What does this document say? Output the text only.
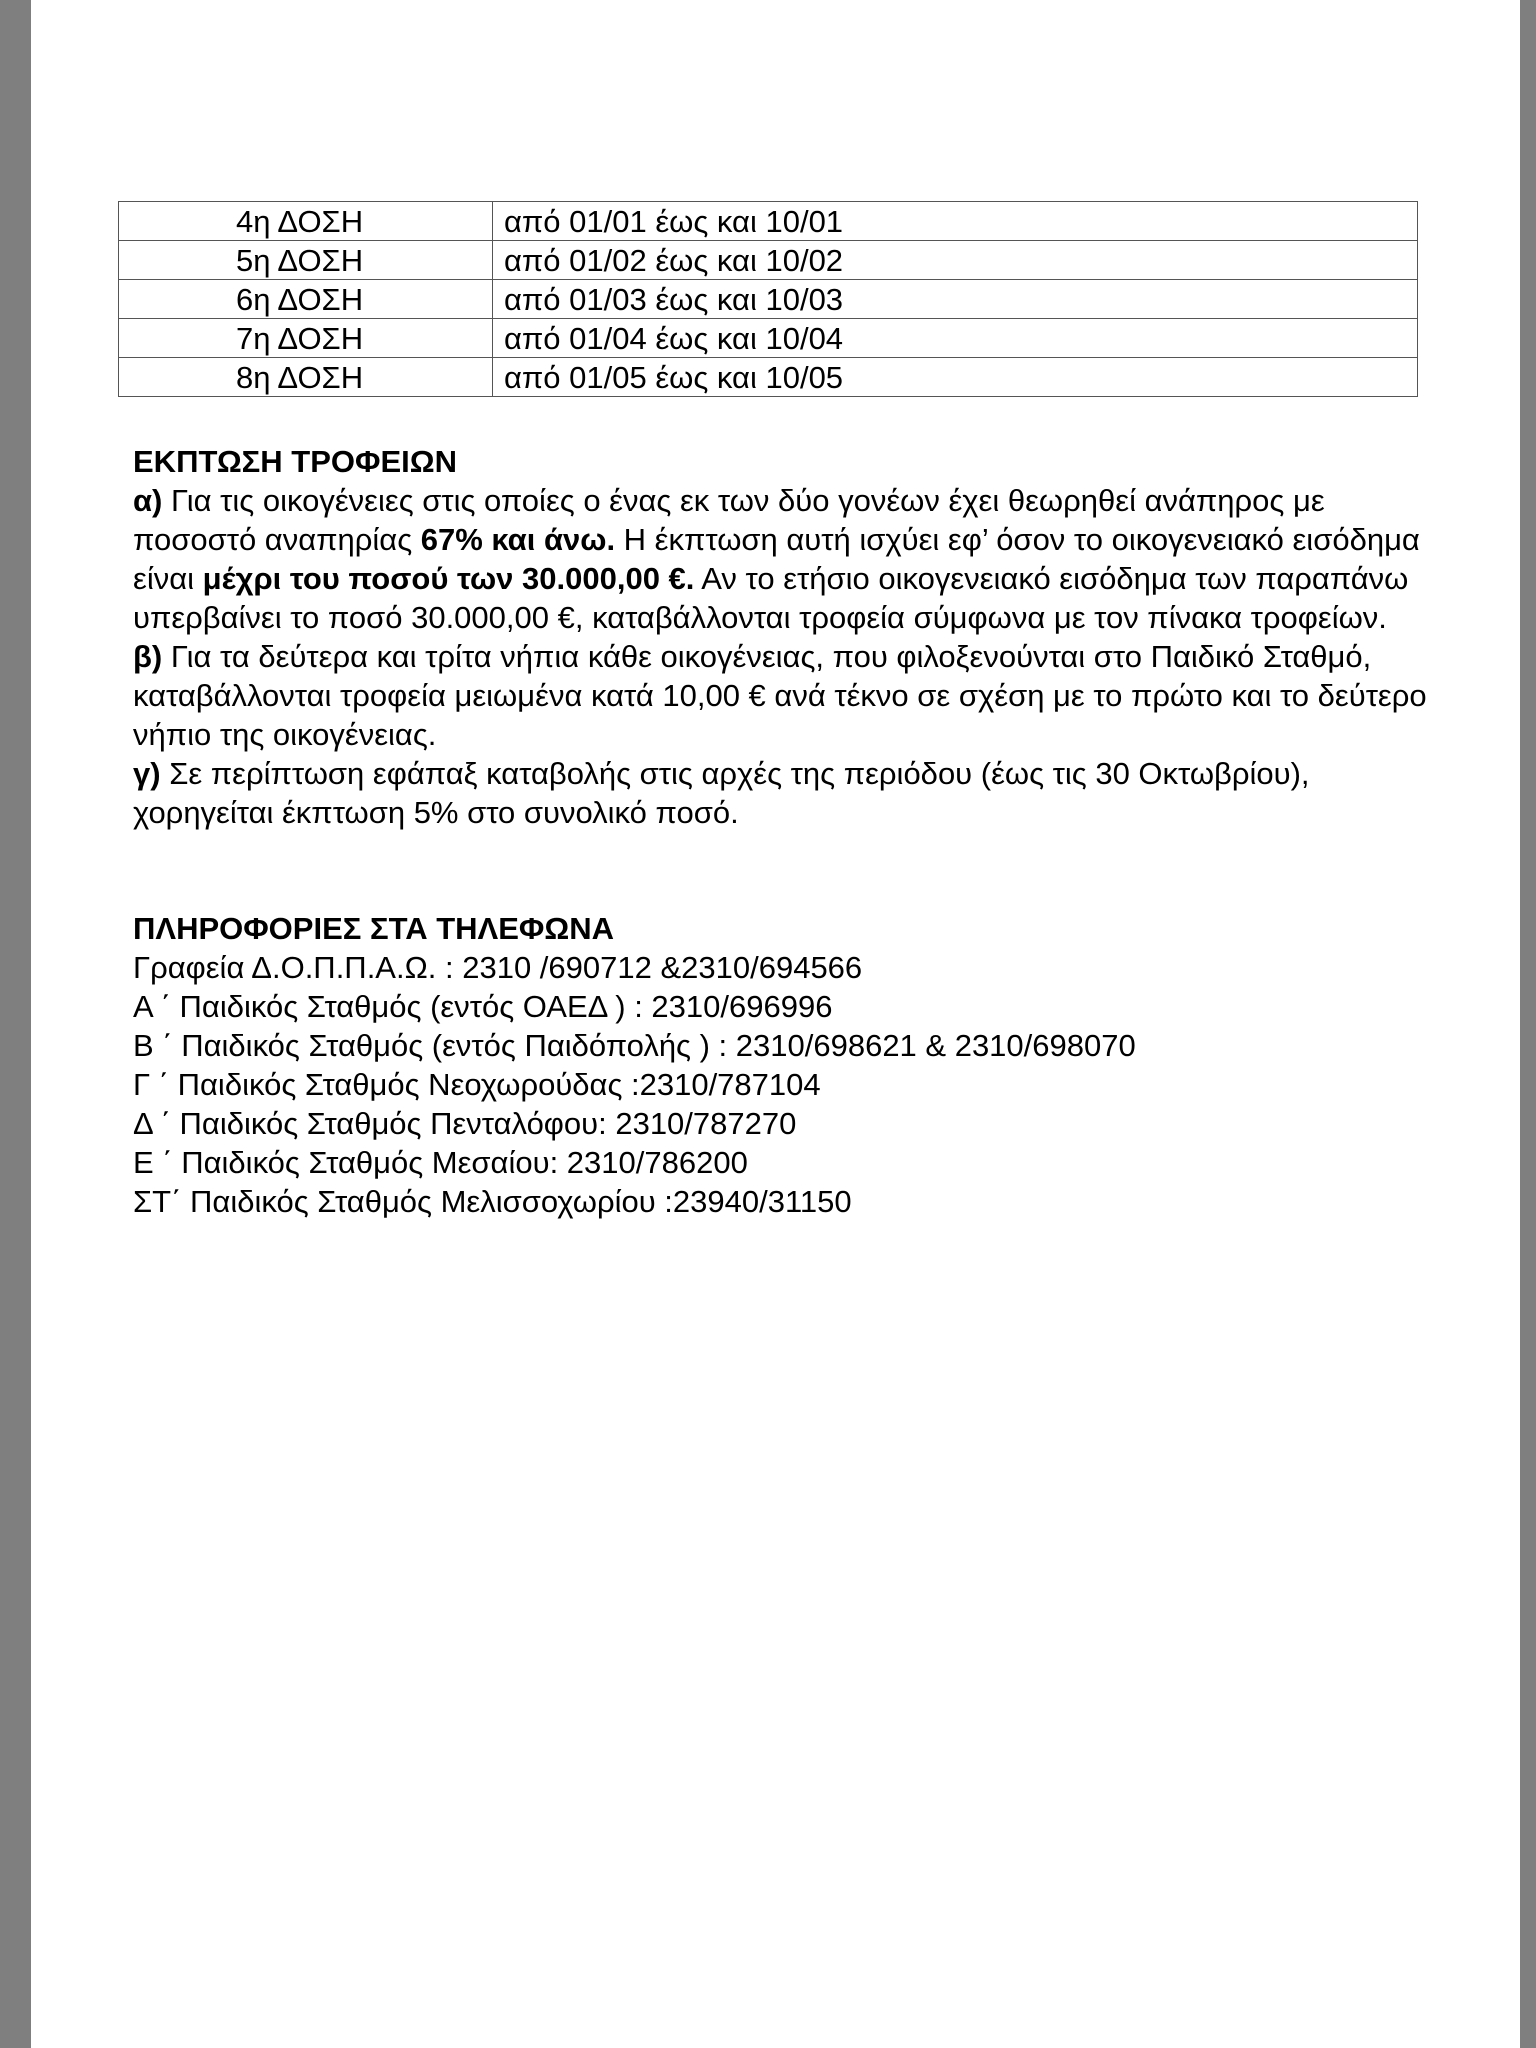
4η ΔΟΣΗ	από 01/01 έως και 10/01
5η ΔΟΣΗ	από 01/02 έως και 10/02
6η ΔΟΣΗ	από 01/03 έως και 10/03
7η ΔΟΣΗ	από 01/04 έως και 10/04
8η ΔΟΣΗ	από 01/05 έως και 10/05

ΕΚΠΤΩΣΗ ΤΡΟΦΕΙΩΝ

α) Για τις οικογένειες στις οποίες ο ένας εκ των δύο γονέων έχει θεωρηθεί ανάπηρος με ποσοστό αναπηρίας 67% και άνω. Η έκπτωση αυτή ισχύει εφ’ όσον το οικογενειακό εισόδημα είναι μέχρι του ποσού των 30.000,00 €. Αν το ετήσιο οικογενειακό εισόδημα των παραπάνω υπερβαίνει το ποσό 30.000,00 €, καταβάλλονται τροφεία σύμφωνα με τον πίνακα τροφείων.

β) Για τα δεύτερα και τρίτα νήπια κάθε οικογένειας, που φιλοξενούνται στο Παιδικό Σταθμό, καταβάλλονται τροφεία μειωμένα κατά 10,00 € ανά τέκνο σε σχέση με το πρώτο και το δεύτερο νήπιο της οικογένειας.

γ) Σε περίπτωση εφάπαξ καταβολής στις αρχές της περιόδου (έως τις 30 Οκτωβρίου), χορηγείται έκπτωση 5% στο συνολικό ποσό.

ΠΛΗΡΟΦΟΡΙΕΣ ΣΤΑ ΤΗΛΕΦΩΝΑ

Γραφεία Δ.Ο.Π.Π.Α.Ω. : 2310 /690712 &2310/694566

Α ΄ Παιδικός Σταθμός (εντός ΟΑΕΔ ) : 2310/696996

Β ΄ Παιδικός Σταθμός (εντός Παιδόπολής ) : 2310/698621 & 2310/698070

Γ ΄ Παιδικός Σταθμός Νεοχωρούδας :2310/787104

Δ ΄ Παιδικός Σταθμός Πενταλόφου: 2310/787270

Ε ΄ Παιδικός Σταθμός Μεσαίου: 2310/786200

ΣΤ΄ Παιδικός Σταθμός Μελισσοχωρίου :23940/31150
